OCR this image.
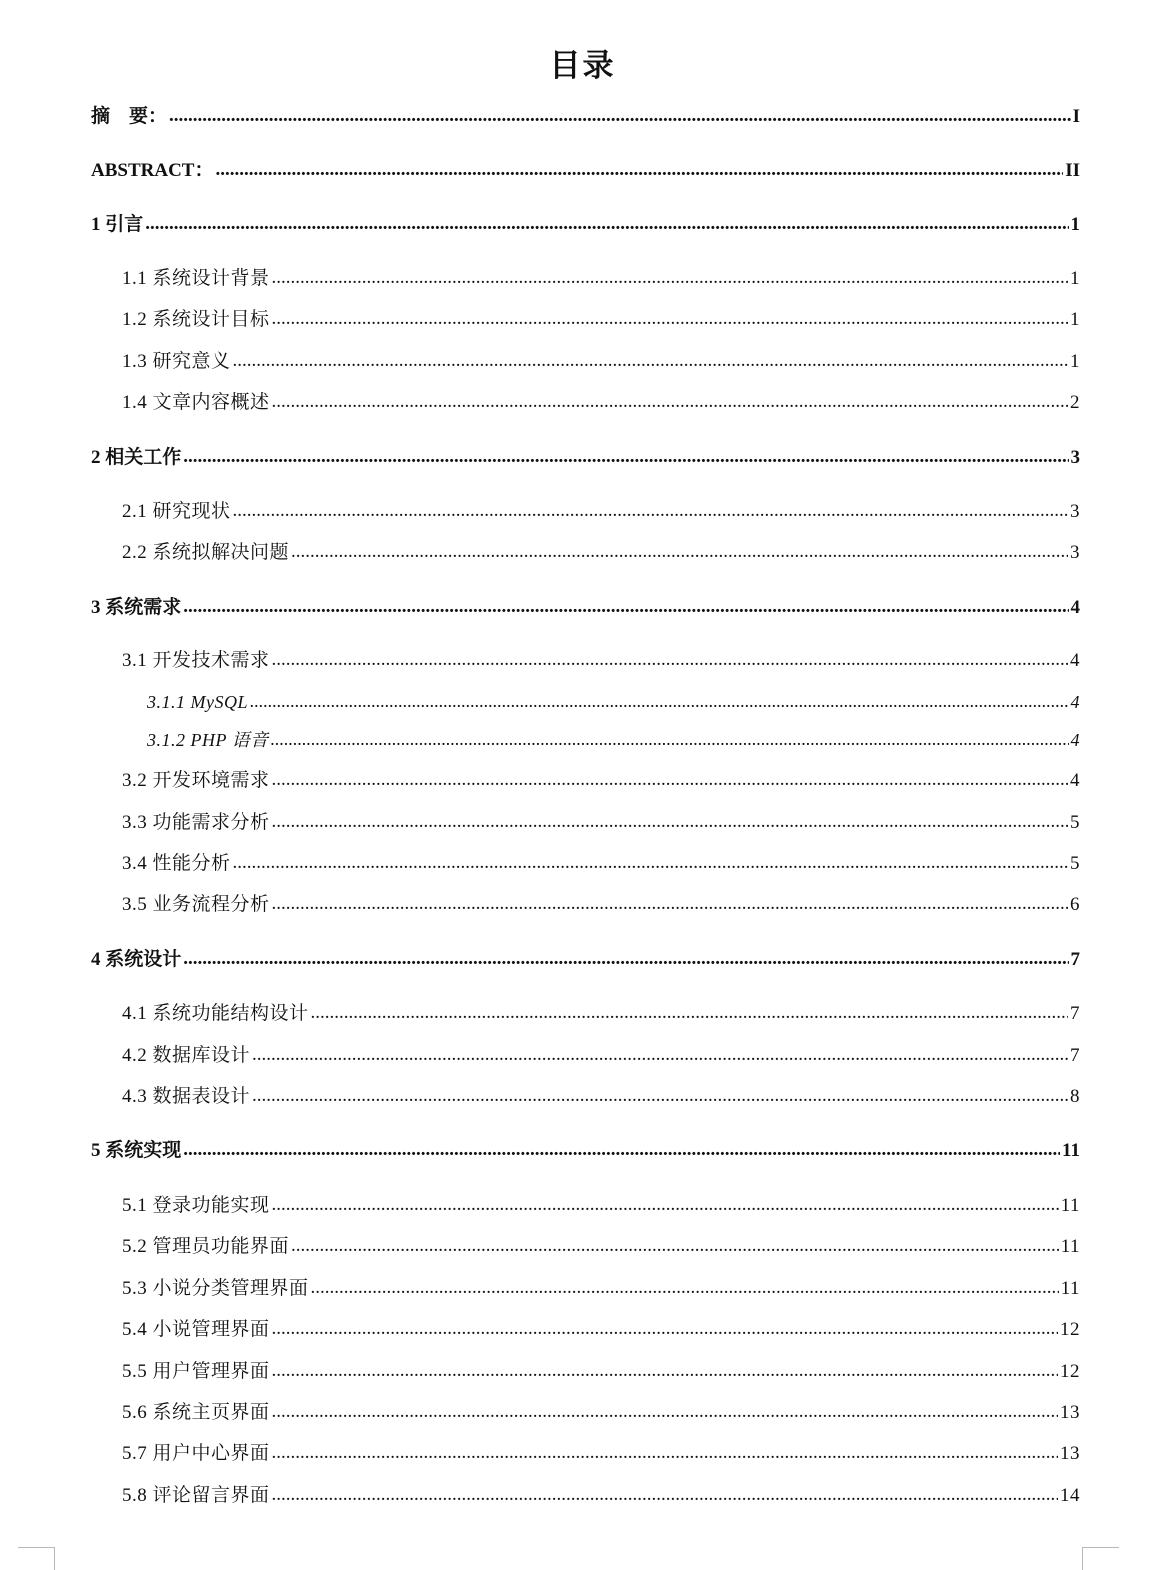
目录
摘　要： .....	I
ABSTRACT： .....	II
1 引言 .....	1
1.1 系统设计背景 .....	1
1.2 系统设计目标 .....	1
1.3 研究意义 .....	1
1.4 文章内容概述 .....	2
2 相关工作 .....	3
2.1 研究现状 .....	3
2.2 系统拟解决问题 .....	3
3 系统需求 .....	4
3.1 开发技术需求 .....	4
3.1.1 MySQL .....	4
3.1.2 PHP 语音 .....	4
3.2 开发环境需求 .....	4
3.3 功能需求分析 .....	5
3.4 性能分析 .....	5
3.5 业务流程分析 .....	6
4 系统设计 .....	7
4.1 系统功能结构设计 .....	7
4.2 数据库设计 .....	7
4.3 数据表设计 .....	8
5 系统实现 .....	11
5.1 登录功能实现 .....	11
5.2 管理员功能界面 .....	11
5.3 小说分类管理界面 .....	11
5.4 小说管理界面 .....	12
5.5 用户管理界面 .....	12
5.6 系统主页界面 .....	13
5.7 用户中心界面 .....	13
5.8 评论留言界面 .....	14
